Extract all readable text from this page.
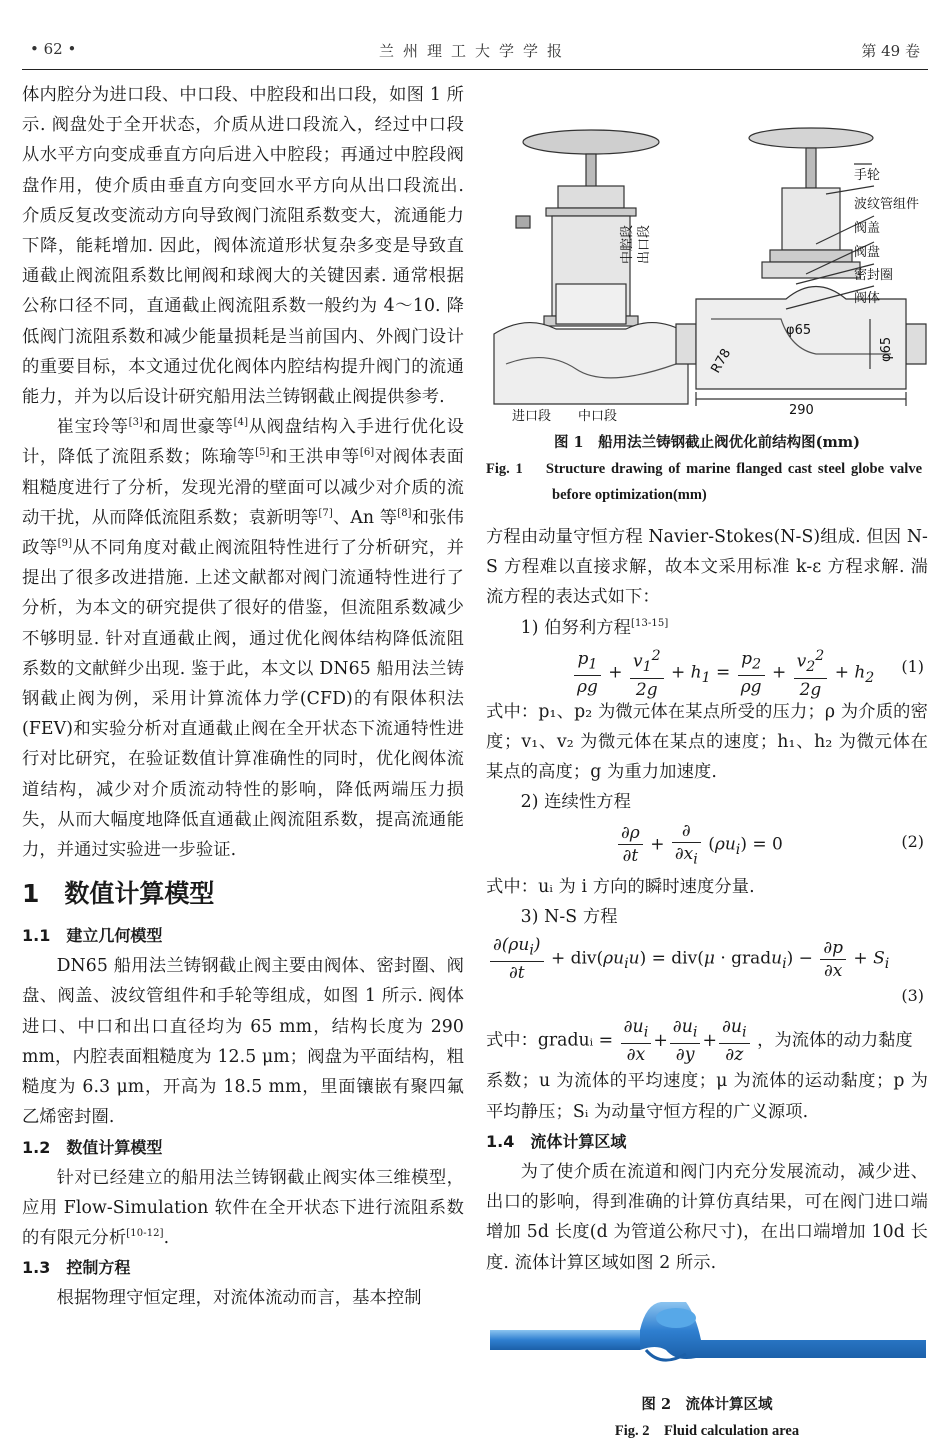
• 62 •	兰州理工大学学报	第 49 卷

体内腔分为进口段、中口段、中腔段和出口段，如图 1 所示. 阀盘处于全开状态，介质从进口段流入，经过中口段从水平方向变成垂直方向后进入中腔段；再通过中腔段阀盘作用，使介质由垂直方向变回水平方向从出口段流出. 介质反复改变流动方向导致阀门流阻系数变大，流通能力下降，能耗增加. 因此，阀体流道形状复杂多变是导致直通截止阀流阻系数比闸阀和球阀大的关键因素. 通常根据公称口径不同，直通截止阀流阻系数一般约为 4～10. 降低阀门流阻系数和减少能量损耗是当前国内、外阀门设计的重要目标，本文通过优化阀体内腔结构提升阀门的流通能力，并为以后设计研究船用法兰铸钢截止阀提供参考.

崔宝玲等[3]和周世豪等[4]从阀盘结构入手进行优化设计，降低了流阻系数；陈瑜等[5]和王洪申等[6]对阀体表面粗糙度进行了分析，发现光滑的壁面可以减少对介质的流动干扰，从而降低流阻系数；袁新明等[7]、An 等[8]和张伟政等[9]从不同角度对截止阀流阻特性进行了分析研究，并提出了很多改进措施. 上述文献都对阀门流通特性进行了分析，为本文的研究提供了很好的借鉴，但流阻系数减少不够明显. 针对直通截止阀，通过优化阀体结构降低流阻系数的文献鲜少出现. 鉴于此，本文以 DN65 船用法兰铸钢截止阀为例，采用计算流体力学(CFD)的有限体积法(FEV)和实验分析对直通截止阀在全开状态下流通特性进行对比研究，在验证数值计算准确性的同时，优化阀体流道结构，减少对介质流动特性的影响，降低两端压力损失，从而大幅度地降低直通截止阀流阻系数，提高流通能力，并通过实验进一步验证.

1　数值计算模型
1.1　建立几何模型

DN65 船用法兰铸钢截止阀主要由阀体、密封圈、阀盘、阀盖、波纹管组件和手轮等组成，如图 1 所示. 阀体进口、中口和出口直径均为 65 mm，结构长度为 290 mm，内腔表面粗糙度为 12.5 μm；阀盘为平面结构，粗糙度为 6.3 μm，开高为 18.5 mm，里面镶嵌有聚四氟乙烯密封圈.

1.2　数值计算模型

针对已经建立的船用法兰铸钢截止阀实体三维模型，应用 Flow-Simulation 软件在全开状态下进行流阻系数的有限元分析[10-12].

1.3　控制方程

根据物理守恒定理，对流体流动而言，基本控制

手轮
波纹管组件
阀盖
阀盘
密封圈
阀体
中腔段 出口段
进口段 中口段
R78
φ65
φ65
290
图 1　船用法兰铸钢截止阀优化前结构图(mm)
Fig. 1 Structure drawing of marine flanged cast steel globe valve before optimization(mm)

方程由动量守恒方程 Navier-Stokes(N-S)组成. 但因 N-S 方程难以直接求解，故本文采用标准 k-ε 方程求解. 湍流方程的表达式如下：

1) 伯努利方程[13-15]

$\frac{p_1}{\rho g} + \frac{v_1^2}{2g} + h_1 = \frac{p_2}{\rho g} + \frac{v_2^2}{2g} + h_2$
(1)

式中：p₁、p₂ 为微元体在某点所受的压力；ρ 为介质的密度；v₁、v₂ 为微元体在某点的速度；h₁、h₂ 为微元体在某点的高度；g 为重力加速度.

2) 连续性方程

$\frac{\partial\rho}{\partial t} + \frac{\partial}{\partial x_i} (\rho u_i) = 0$	(2)

式中：uᵢ 为 i 方向的瞬时速度分量.

3) N-S 方程

$\frac{\partial(\rho u_i)}{\partial t} + div(\rho u_iu) = div(\mu$ · gradu$_i$) − $\frac{\partial p}{\partial x} + S_i$
(3)
式中：graduᵢ = $\frac{\partial u_i}{\partial x} + \frac{\partial u_i}{\partial y} + \frac{\partial u_i}{\partial z}$ ，为流体的动力黏度

系数；u 为流体的平均速度；μ 为流体的运动黏度；p 为平均静压；Sᵢ 为动量守恒方程的广义源项.

1.4　流体计算区域

为了使介质在流道和阀门内充分发展流动，减少进、出口的影响，得到准确的计算仿真结果，可在阀门进口端增加 5d 长度(d 为管道公称尺寸)，在出口端增加 10d 长度. 流体计算区域如图 2 所示.

图 2　流体计算区域
Fig. 2　Fluid calculation area
